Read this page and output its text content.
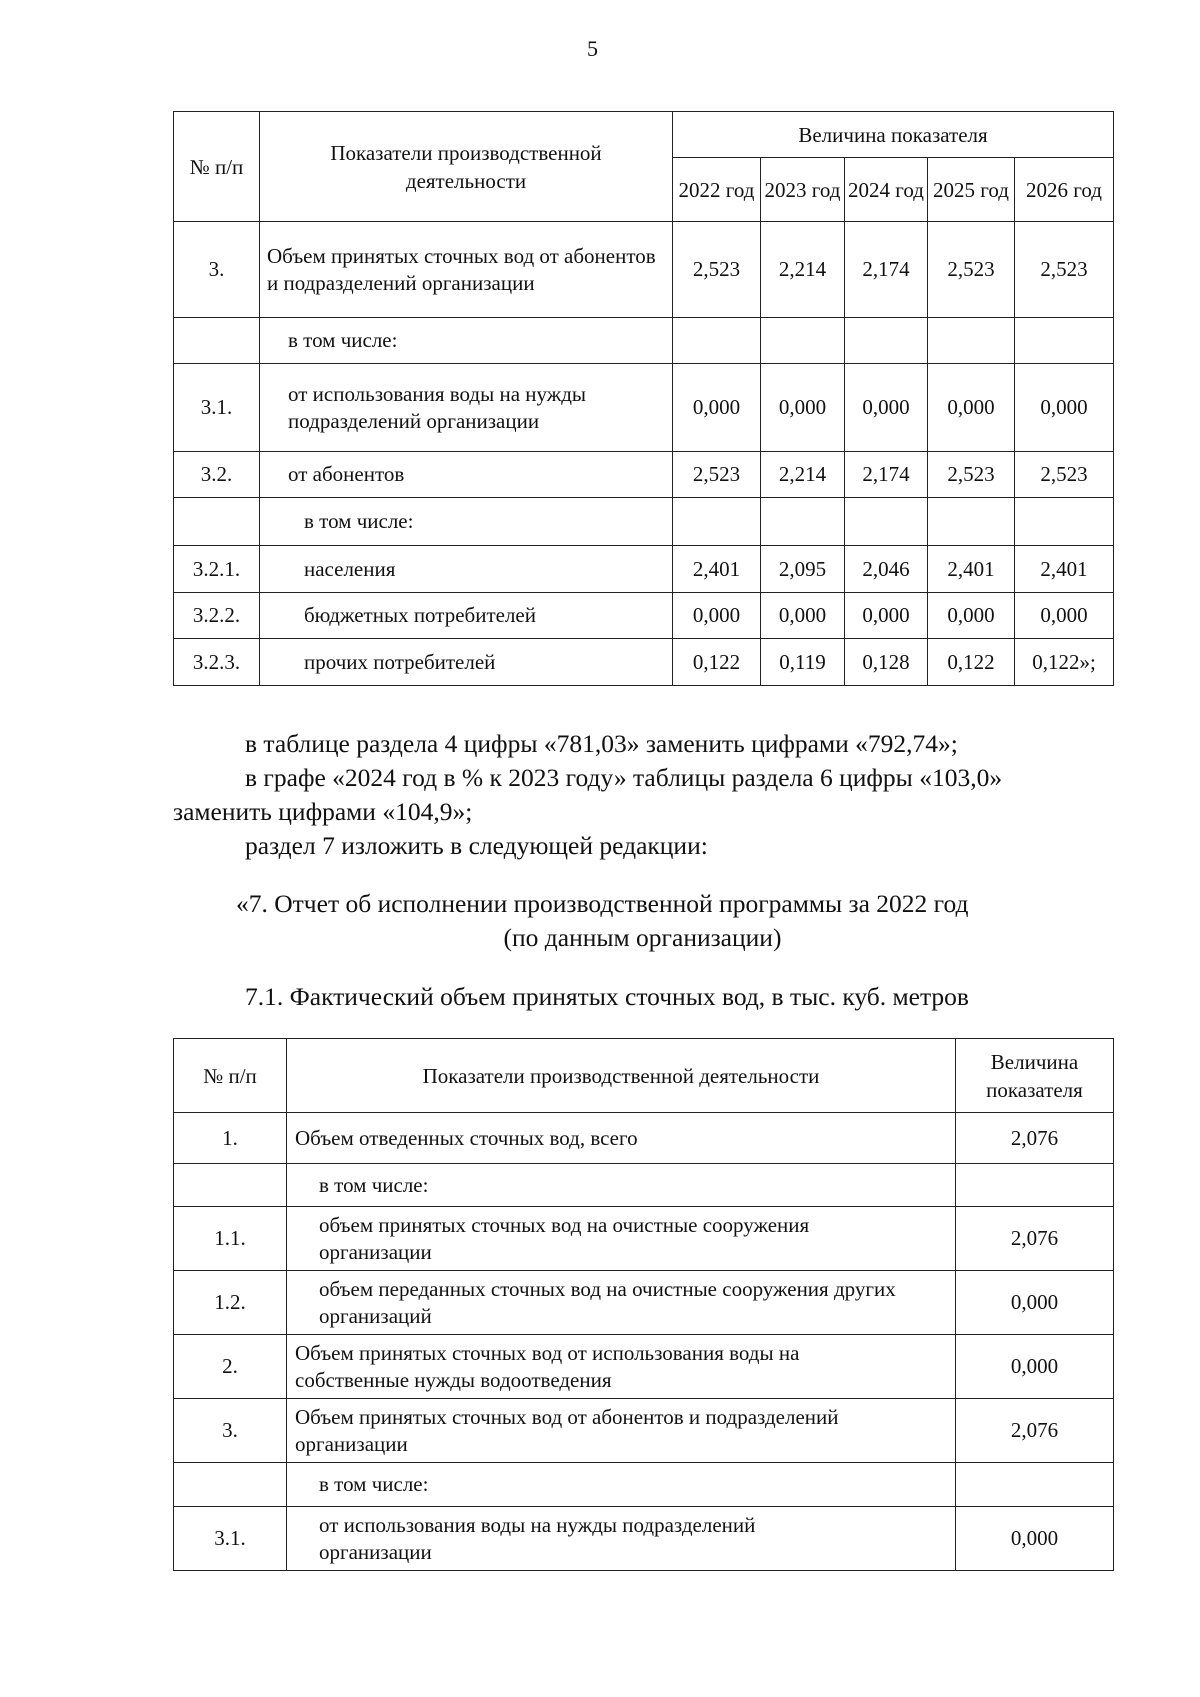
5
№ п/п	Показатели производственной деятельности	Величина показателя				
		2022 год	2023 год	2024 год	2025 год	2026 год
3.	Объем принятых сточных вод от абонентов и подразделений организации	2,523	2,214	2,174	2,523	2,523
	в том числе:					
3.1.	от использования воды на нужды подразделений организации	0,000	0,000	0,000	0,000	0,000
3.2.	от абонентов	2,523	2,214	2,174	2,523	2,523
	в том числе:					
3.2.1.	населения	2,401	2,095	2,046	2,401	2,401
3.2.2.	бюджетных потребителей	0,000	0,000	0,000	0,000	0,000
3.2.3.	прочих потребителей	0,122	0,119	0,128	0,122	0,122»;
в таблице раздела 4 цифры «781,03» заменить цифрами «792,74»;
в графе «2024 год в % к 2023 году» таблицы раздела 6 цифры «103,0»
заменить цифрами «104,9»;
раздел 7 изложить в следующей редакции:
«7. Отчет об исполнении производственной программы за 2022 год
(по данным организации)
7.1. Фактический объем принятых сточных вод, в тыс. куб. метров
№ п/п	Показатели производственной деятельности	Величина показателя
1.	Объем отведенных сточных вод, всего	2,076
	в том числе:	
1.1.	объем принятых сточных вод на очистные сооружения организации	2,076
1.2.	объем переданных сточных вод на очистные сооружения других организаций	0,000
2.	Объем принятых сточных вод от использования воды на собственные нужды водоотведения	0,000
3.	Объем принятых сточных вод от абонентов и подразделений организации	2,076
	в том числе:	
3.1.	от использования воды на нужды подразделений организации	0,000
